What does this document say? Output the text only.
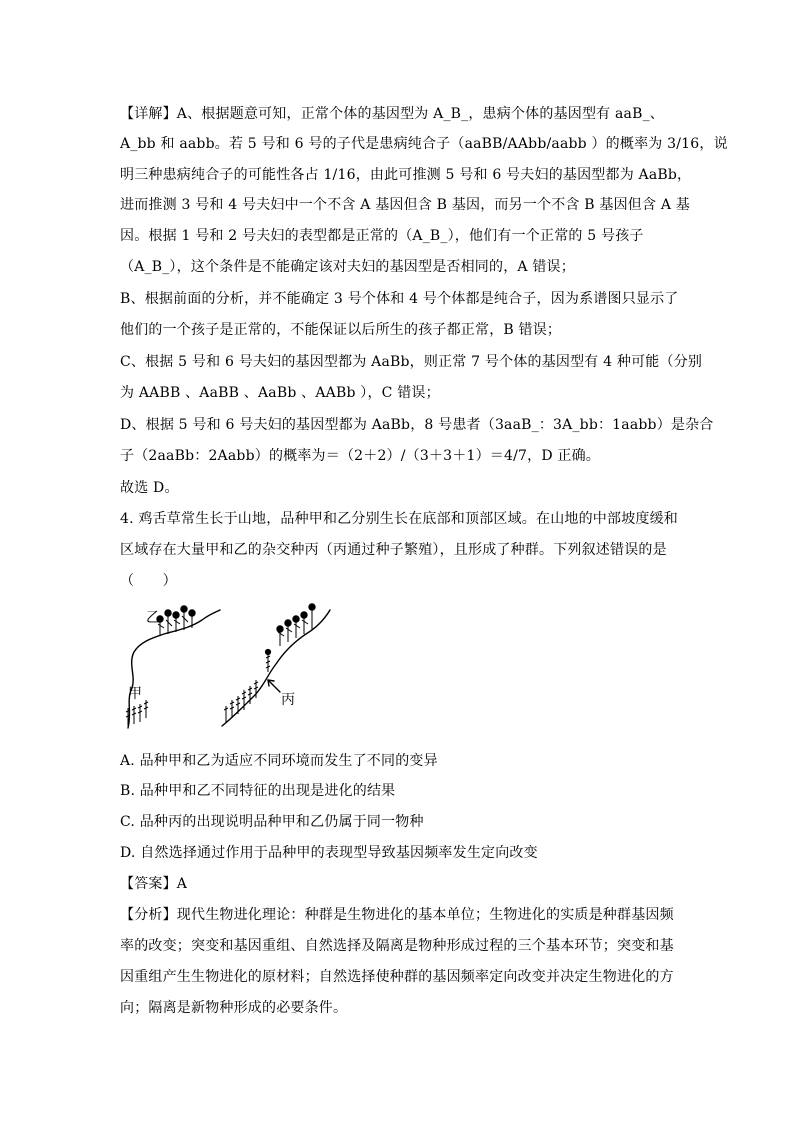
【详解】A、根据题意可知，正常个体的基因型为 A_B_，患病个体的基因型有 aaB_、
A_bb 和 aabb。若 5 号和 6 号的子代是患病纯合子（aaBB/AAbb/aabb ）的概率为 3/16，说
明三种患病纯合子的可能性各占 1/16，由此可推测 5 号和 6 号夫妇的基因型都为 AaBb，
进而推测 3 号和 4 号夫妇中一个不含 A 基因但含 B 基因，而另一个不含 B 基因但含 A 基
因。根据 1 号和 2 号夫妇的表型都是正常的（A_B_），他们有一个正常的 5 号孩子
（A_B_），这个条件是不能确定该对夫妇的基因型是否相同的，A 错误；
B、根据前面的分析，并不能确定 3 号个体和 4 号个体都是纯合子，因为系谱图只显示了
他们的一个孩子是正常的，不能保证以后所生的孩子都正常，B 错误；
C、根据 5 号和 6 号夫妇的基因型都为 AaBb，则正常 7 号个体的基因型有 4 种可能（分别
为 AABB 、AaBB 、AaBb 、AABb ），C 错误；
D、根据 5 号和 6 号夫妇的基因型都为 AaBb，8 号患者（3aaB_：3A_bb：1aabb）是杂合
子（2aaBb：2Aabb）的概率为＝（2＋2）/（3＋3＋1）＝4/7，D 正确。
故选 D。
4. 鸡舌草常生长于山地，品种甲和乙分别生长在底部和顶部区域。在山地的中部坡度缓和
区域存在大量甲和乙的杂交种丙（丙通过种子繁殖），且形成了种群。下列叙述错误的是
（　　）
乙
甲	丙
A. 品种甲和乙为适应不同环境而发生了不同的变异
B. 品种甲和乙不同特征的出现是进化的结果
C. 品种丙的出现说明品种甲和乙仍属于同一物种
D. 自然选择通过作用于品种甲的表现型导致基因频率发生定向改变
【答案】A
【分析】现代生物进化理论：种群是生物进化的基本单位；生物进化的实质是种群基因频
率的改变；突变和基因重组、自然选择及隔离是物种形成过程的三个基本环节；突变和基
因重组产生生物进化的原材料；自然选择使种群的基因频率定向改变并决定生物进化的方
向；隔离是新物种形成的必要条件。
